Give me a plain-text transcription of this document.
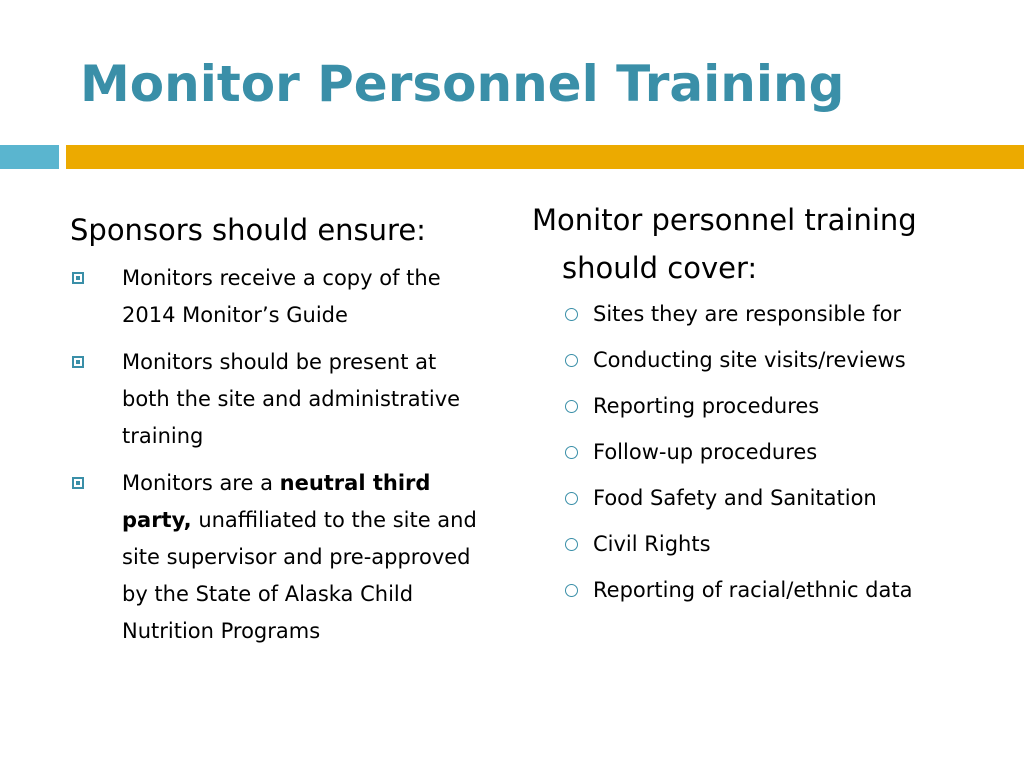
Monitor Personnel Training

Sponsors should ensure:

Monitors receive a copy of the 2014 Monitor’s Guide
Monitors should be present at both the site and administrative training
Monitors are a neutral third party, unaffiliated to the site and site supervisor and pre-approved by the State of Alaska Child Nutrition Programs

Monitor personnel training should cover:

Sites they are responsible for
Conducting site visits/reviews
Reporting procedures
Follow-up procedures
Food Safety and Sanitation
Civil Rights
Reporting of racial/ethnic data
